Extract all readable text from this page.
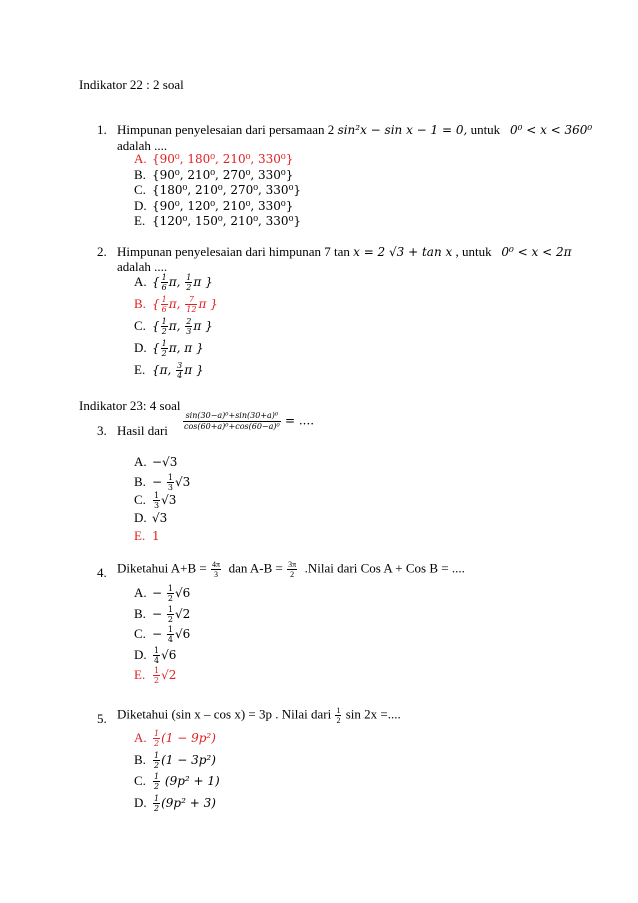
Indikator 22 : 2 soal
1. Himpunan penyelesaian dari persamaan 2 sin²x − sin x − 1 = 0, untuk 0⁰ < x < 360⁰
adalah ....
A. {90⁰, 180⁰, 210⁰, 330⁰}
B. {90⁰, 210⁰, 270⁰, 330⁰}
C. {180⁰, 210⁰, 270⁰, 330⁰}
D. {90⁰, 120⁰, 210⁰, 330⁰}
E. {120⁰, 150⁰, 210⁰, 330⁰}
2. Himpunan penyelesaian dari himpunan 7 tan x = 2 √3 + tan x , untuk 0⁰ < x < 2π
adalah ....
A. { $\frac{1}{6} \pi$, $\frac{1}{2}$ π }
B. { $\frac{1}{6} \pi$, $\frac{7}{12}$ π }
C. { $\frac{1}{2} \pi$, $\frac{2}{3}$ π }
D. { $\frac{1}{2} \pi$, π }
E. {π, $\frac{3}{4}$ π }
Indikator 23: 4 soal
3. Hasil dari $\frac{\text{sin(30−a)⁰+sin(30+a)⁰}}{\text{cos(60+a)⁰+cos(60−a)⁰}}$ = ....
A. −√3
B. − $\frac{1}{3} √3$
C. $\frac{1}{3} √3$
D. √3
E. 1
4. Diketahui $A+B = \frac{4\pi}{3}$ dan $A-B = \frac{3\pi}{2}$ .Nilai dari Cos A + Cos B = ....
A. − $\frac{1}{2} √6$
B. − $\frac{1}{2} √2$
C. − $\frac{1}{4} √6$
D. $\frac{1}{4} √6$
E. $\frac{1}{2} √2$
5. Diketahui (sin x – cos x) = 3p . Nilai dari $\frac{1}{2}$ sin 2x =....
A. $\frac{1}{2} (1 - 9p^2)$
B. $\frac{1}{2} (1 - 3p^2)$
C. $\frac{1}{2} (9p^2 + 1)$
D. $\frac{1}{2} (9p^2 + 3)$
